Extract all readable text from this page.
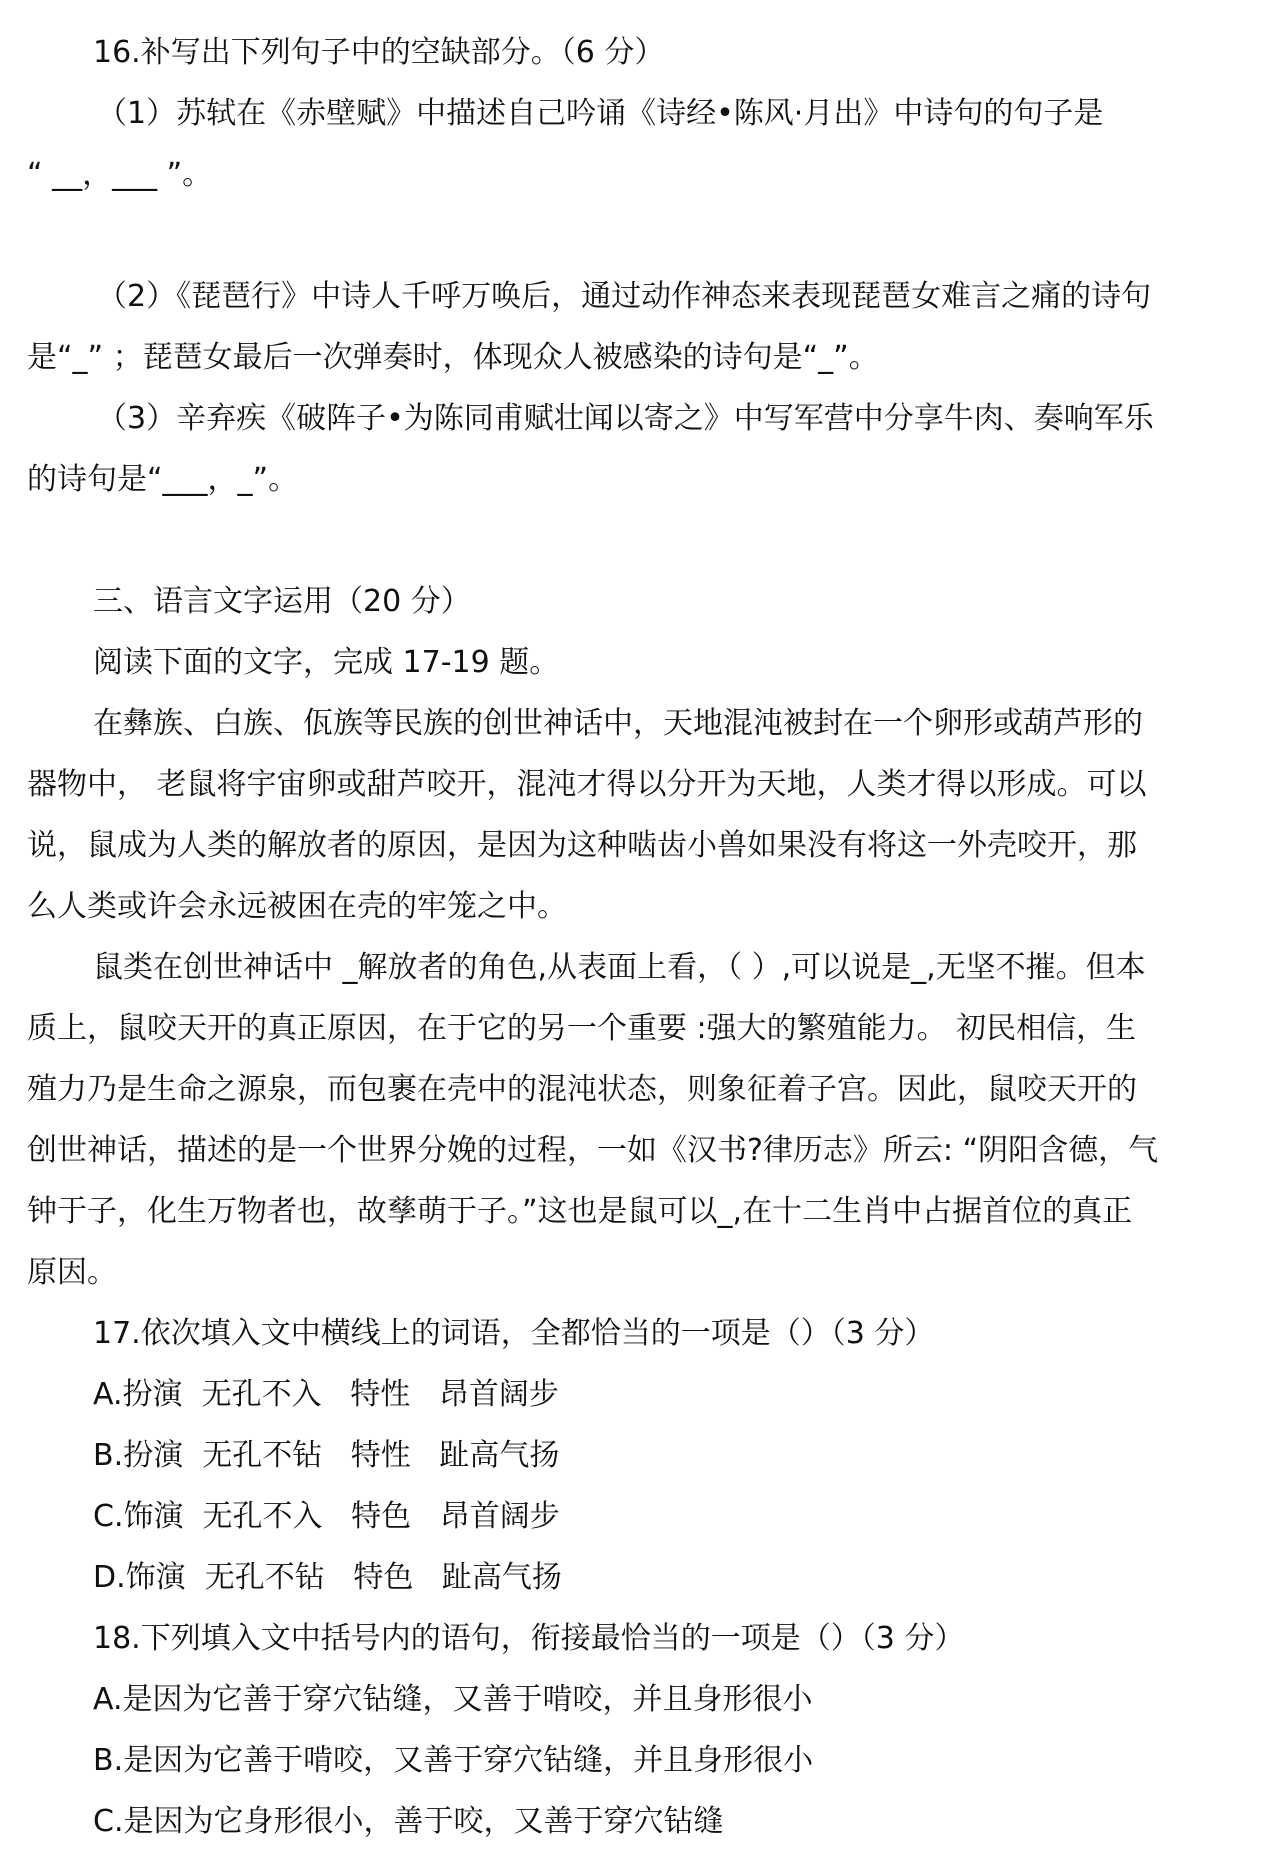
16.补写出下列句子中的空缺部分。（6 分）

（1）苏轼在《赤壁赋》中描述自己吟诵《诗经•陈风·月出》中诗句的句子是

“ __，___ ”。

（2）《琵琶行》中诗人千呼万唤后，通过动作神态来表现琵琶女难言之痛的诗句

是“_” ；琵琶女最后一次弹奏时，体现众人被感染的诗句是“_”。

（3）辛弃疾《破阵子•为陈同甫赋壮闻以寄之》中写军营中分享牛肉、奏响军乐

的诗句是“___，_”。

三、语言文字运用（20 分）

阅读下面的文字，完成 17-19 题。

在彝族、白族、佤族等民族的创世神话中，天地混沌被封在一个卵形或葫芦形的

器物中， 老鼠将宇宙卵或甜芦咬开，混沌才得以分开为天地，人类才得以形成。可以

说，鼠成为人类的解放者的原因，是因为这种啮齿小兽如果没有将这一外壳咬开，那

么人类或许会永远被困在壳的牢笼之中。

鼠类在创世神话中 _解放者的角色,从表面上看，（ ）,可以说是_,无坚不摧。但本

质上，鼠咬天开的真正原因，在于它的另一个重要 :强大的繁殖能力。 初民相信，生

殖力乃是生命之源泉，而包裹在壳中的混沌状态，则象征着子宫。因此，鼠咬天开的

创世神话，描述的是一个世界分娩的过程，一如《汉书?律历志》所云: “阴阳含德，气

钟于子，化生万物者也，故孳萌于子。”这也是鼠可以_,在十二生肖中占据首位的真正

原因。

17.依次填入文中横线上的词语，全都恰当的一项是（）（3 分）

A.扮演  无孔不入   特性   昂首阔步

B.扮演  无孔不钻   特性   趾高气扬

C.饰演  无孔不入   特色   昂首阔步

D.饰演  无孔不钻   特色   趾高气扬

18.下列填入文中括号内的语句，衔接最恰当的一项是（）（3 分）

A.是因为它善于穿穴钻缝，又善于啃咬，并且身形很小

B.是因为它善于啃咬，又善于穿穴钻缝，并且身形很小

C.是因为它身形很小，善于咬，又善于穿穴钻缝
